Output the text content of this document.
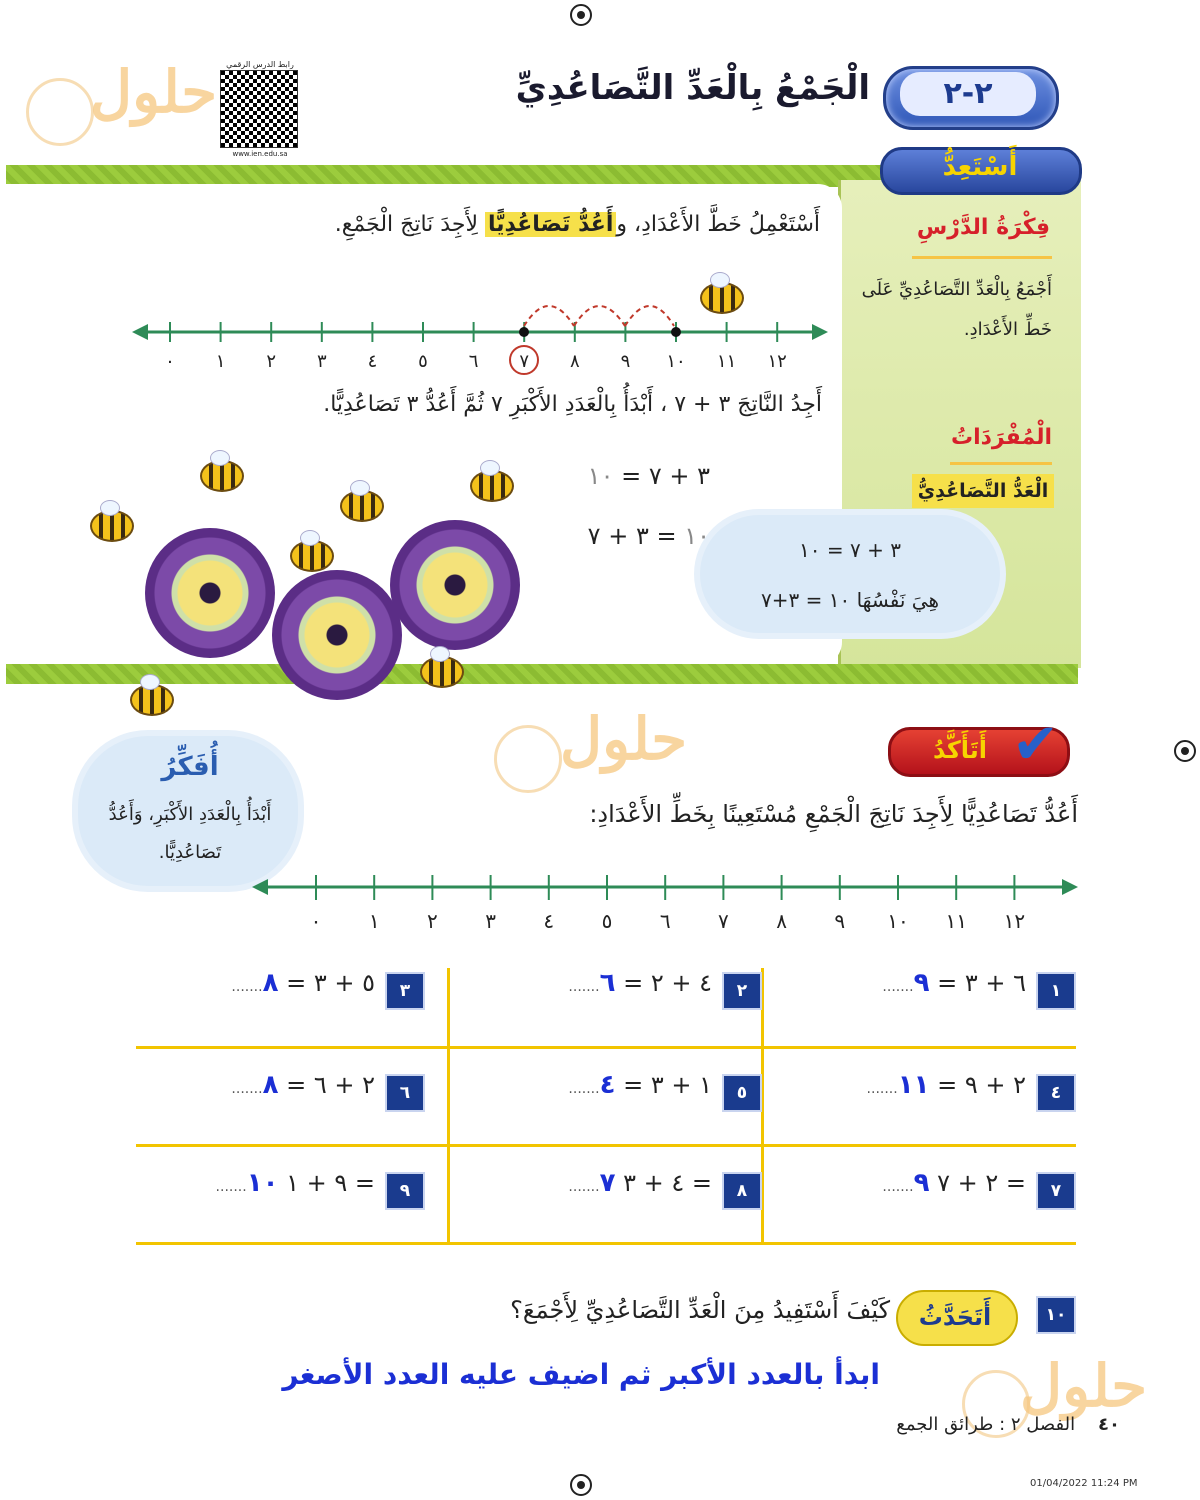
٢-٢
الْجَمْعُ بِالْعَدِّ التَّصَاعُدِيِّ
رابط الدرس الرقمي
www.ien.edu.sa
حلول
أَسْتَعِدُّ
فِكْرَةُ الدَّرْسِ
أَجْمَعُ بِالْعَدِّ التَّصَاعُدِيِّ عَلَى خَطِّ الأَعْدَادِ.
الْمُفْرَدَاتُ
الْعَدُّ التَّصَاعُدِيُّ
أَسْتَعْمِلُ خَطَّ الأَعْدَادِ، وأَعُدُّ تَصَاعُدِيًّا لِأَجِدَ نَاتِجَ الْجَمْعِ.
٠ ١ ٢ ٣ ٤ ٥ ٦ ٧ ٨ ٩ ١٠ ١١ ١٢
أَجِدُ النَّاتِجَ ٣ + ٧ ، أَبْدَأُ بِالْعَدَدِ الأَكْبَرِ ٧ ثُمَّ أَعُدُّ ٣ تَصَاعُدِيًّا.
٣ + ٧ = ١٠
١٠ = ٣ + ٧	٣ + ٧ = ١٠
هِيَ نَفْسُهَا ١٠ = ٣+٧
حلول	أَتَأَكَّدُ ✔
أَعُدُّ تَصَاعُدِيًّا لِأَجِدَ نَاتِجَ الْجَمْعِ مُسْتَعِينًا بِخَطِّ الأَعْدَادِ:
أُفَكِّرُ
أَبْدَأُ بِالْعَدَدِ الأَكْبَرِ، وَأَعُدُّ تَصَاعُدِيًّا.
٠ ١ ٢ ٣ ٤ ٥ ٦ ٧ ٨ ٩ ١٠ ١١ ١٢
١
٦ + ٣ = ٩.......
٢
٤ + ٢ = ٦.......
٣
٥ + ٣ = ٨.......
٤
٢ + ٩ = ١١.......
٥
١ + ٣ = ٤.......
٦
٢ + ٦ = ٨.......
٧
= ٢ + ٧ ٩.......
٨
= ٤ + ٣ ٧.......
٩
= ٩ + ١ ١٠.......
١٠
أَتَحَدَّثُ
كَيْفَ أَسْتَفِيدُ مِنَ الْعَدِّ التَّصَاعُدِيِّ لِأَجْمَعَ؟
ابدأ بالعدد الأكبر ثم اضيف عليه العدد الأصغر حلول
٤٠    الفصل ٢ : طرائق الجمع
01/04/2022 11:24 PM
